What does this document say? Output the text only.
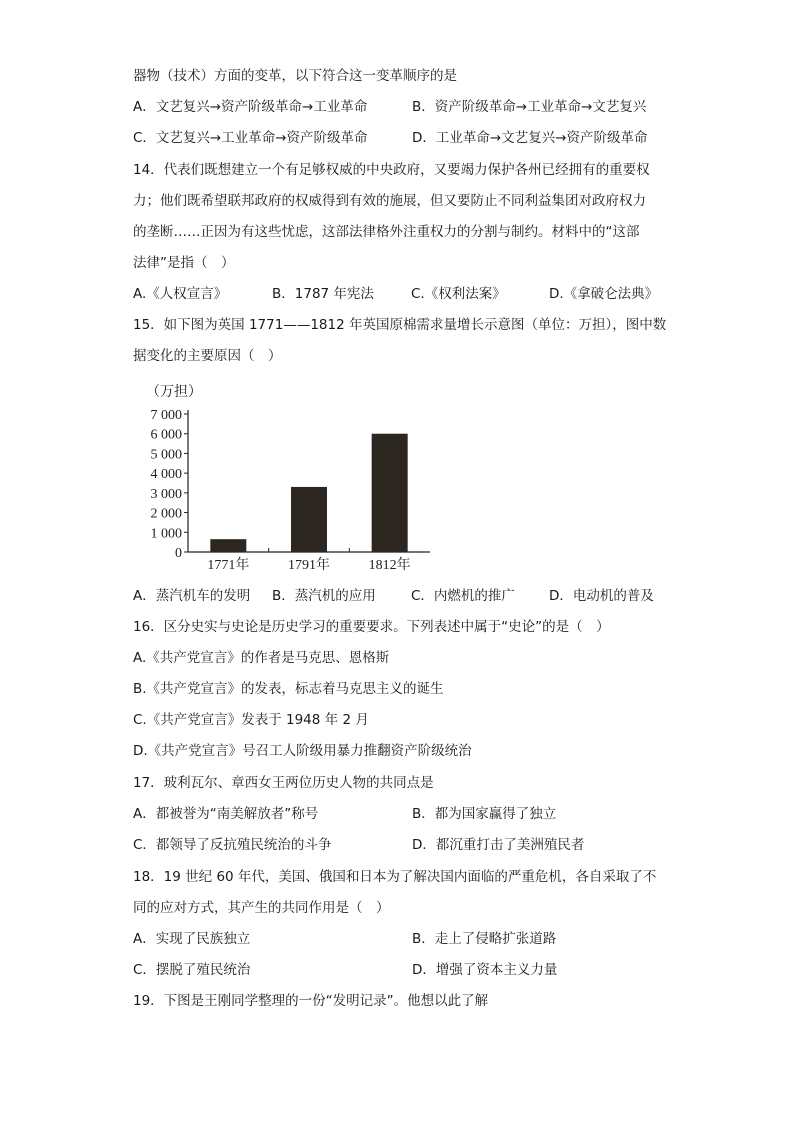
器物（技术）方面的变革，以下符合这一变革顺序的是
A．文艺复兴→资产阶级革命→工业革命	B．资产阶级革命→工业革命→文艺复兴
C．文艺复兴→工业革命→资产阶级革命	D．工业革命→文艺复兴→资产阶级革命
14．代表们既想建立一个有足够权威的中央政府，又要竭力保护各州已经拥有的重要权
力；他们既希望联邦政府的权威得到有效的施展，但又要防止不同利益集团对政府权力
的垄断……正因为有这些忧虑，这部法律格外注重权力的分割与制约。材料中的“这部
法律”是指（　）
A.《人权宣言》	B．1787 年宪法	C.《权利法案》	D.《拿破仑法典》
15．如下图为英国 1771——1812 年英国原棉需求量增长示意图（单位：万担），图中数
据变化的主要原因（　）
（万担）
0
1 000
2 000
3 000
4 000
5 000
6 000
7 000
1771年	1791年	1812年
A．蒸汽机车的发明 B．蒸汽机的应用	C．内燃机的推广	D．电动机的普及
16．区分史实与史论是历史学习的重要要求。下列表述中属于“史论”的是（　）
A.《共产党宣言》的作者是马克思、恩格斯
B.《共产党宣言》的发表，标志着马克思主义的诞生
C.《共产党宣言》发表于 1948 年 2 月
D.《共产党宣言》号召工人阶级用暴力推翻资产阶级统治
17．玻利瓦尔、章西女王两位历史人物的共同点是
A．都被誉为“南美解放者”称号	B．都为国家赢得了独立
C．都领导了反抗殖民统治的斗争	D．都沉重打击了美洲殖民者
18．19 世纪 60 年代，美国、俄国和日本为了解决国内面临的严重危机，各自采取了不
同的应对方式，其产生的共同作用是（　）
A．实现了民族独立	B．走上了侵略扩张道路
C．摆脱了殖民统治	D．增强了资本主义力量
19．下图是王刚同学整理的一份“发明记录”。他想以此了解
